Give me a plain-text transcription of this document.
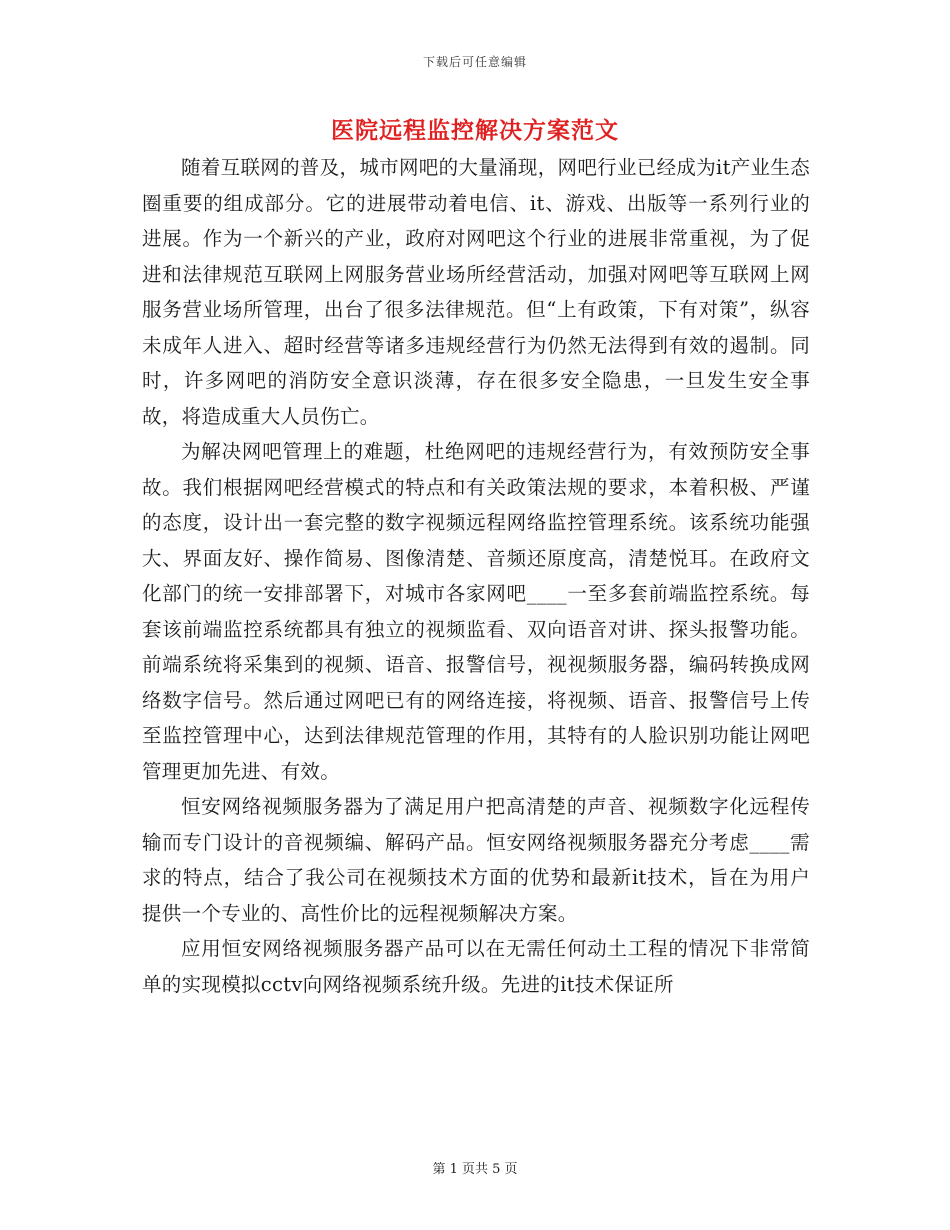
下载后可任意编辑
医院远程监控解决方案范文

随着互联网的普及，城市网吧的大量涌现，网吧行业已经成为it产业生态圈重要的组成部分。它的进展带动着电信、it、游戏、出版等一系列行业的进展。作为一个新兴的产业，政府对网吧这个行业的进展非常重视，为了促进和法律规范互联网上网服务营业场所经营活动，加强对网吧等互联网上网服务营业场所管理，出台了很多法律规范。但“上有政策，下有对策”，纵容未成年人进入、超时经营等诸多违规经营行为仍然无法得到有效的遏制。同时，许多网吧的消防安全意识淡薄，存在很多安全隐患，一旦发生安全事故，将造成重大人员伤亡。

为解决网吧管理上的难题，杜绝网吧的违规经营行为，有效预防安全事故。我们根据网吧经营模式的特点和有关政策法规的要求，本着积极、严谨的态度，设计出一套完整的数字视频远程网络监控管理系统。该系统功能强大、界面友好、操作简易、图像清楚、音频还原度高，清楚悦耳。在政府文化部门的统一安排部署下，对城市各家网吧____一至多套前端监控系统。每套该前端监控系统都具有独立的视频监看、双向语音对讲、探头报警功能。前端系统将采集到的视频、语音、报警信号，视视频服务器，编码转换成网络数字信号。然后通过网吧已有的网络连接，将视频、语音、报警信号上传至监控管理中心，达到法律规范管理的作用，其特有的人脸识别功能让网吧管理更加先进、有效。

恒安网络视频服务器为了满足用户把高清楚的声音、视频数字化远程传输而专门设计的音视频编、解码产品。恒安网络视频服务器充分考虑____需求的特点，结合了我公司在视频技术方面的优势和最新it技术，旨在为用户提供一个专业的、高性价比的远程视频解决方案。

应用恒安网络视频服务器产品可以在无需任何动土工程的情况下非常简单的实现模拟cctv向网络视频系统升级。先进的it技术保证所

第 1 页共 5 页
